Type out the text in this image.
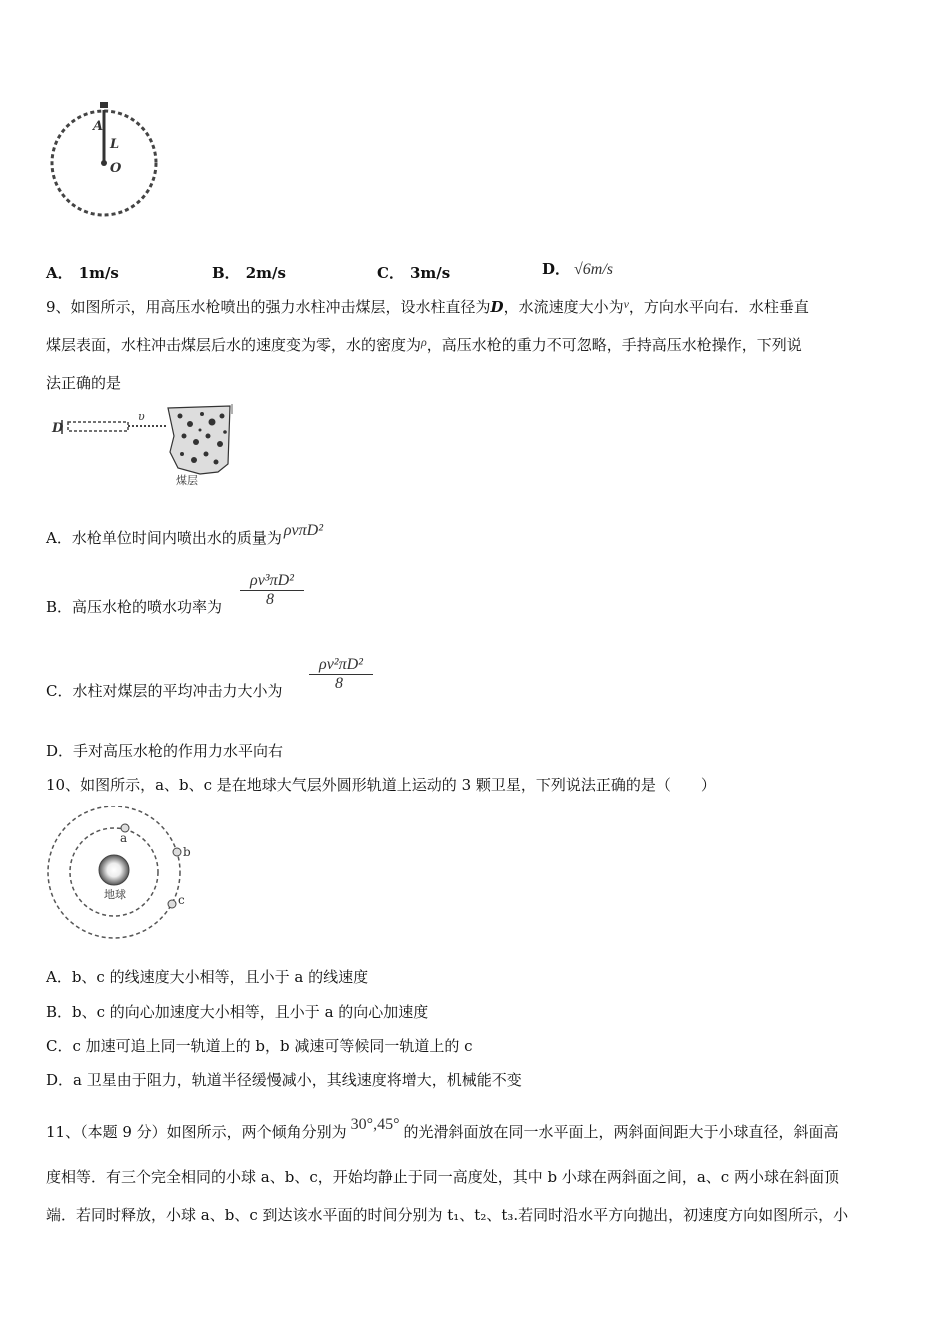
A
L
O
A． 1m/s	B． 2m/s	C． 3m/s	D． √6m/s
9、如图所示，用高压水枪喷出的强力水柱冲击煤层，设水柱直径为D，水流速度大小为$^v$，方向水平向右．水柱垂直
煤层表面，水柱冲击煤层后水的速度变为零，水的密度为$^\rho$，高压水枪的重力不可忽略，手持高压水枪操作，下列说
法正确的是
D
υ
煤层
A．水枪单位时间内喷出水的质量为 ρvπD²
B．高压水枪的喷水功率为 $\frac{\text{ρv³πD²}}{8}$
C．水柱对煤层的平均冲击力大小为 $\frac{\text{ρv²πD²}}{8}$
D．手对高压水枪的作用力水平向右
10、如图所示，a、b、c 是在地球大气层外圆形轨道上运动的 3 颗卫星，下列说法正确的是（　　）
地球
a
b
c
A．b、c 的线速度大小相等，且小于 a 的线速度
B．b、c 的向心加速度大小相等，且小于 a 的向心加速度
C．c 加速可追上同一轨道上的 b，b 减速可等候同一轨道上的 c
D．a 卫星由于阻力，轨道半径缓慢减小，其线速度将增大，机械能不变
11、（本题 9 分）如图所示，两个倾角分别为 30°,45° 的光滑斜面放在同一水平面上，两斜面间距大于小球直径，斜面高
度相等．有三个完全相同的小球 a、b、c，开始均静止于同一高度处，其中 b 小球在两斜面之间，a、c 两小球在斜面顶
端．若同时释放，小球 a、b、c 到达该水平面的时间分别为 t₁、t₂、t₃.若同时沿水平方向抛出，初速度方向如图所示，小
